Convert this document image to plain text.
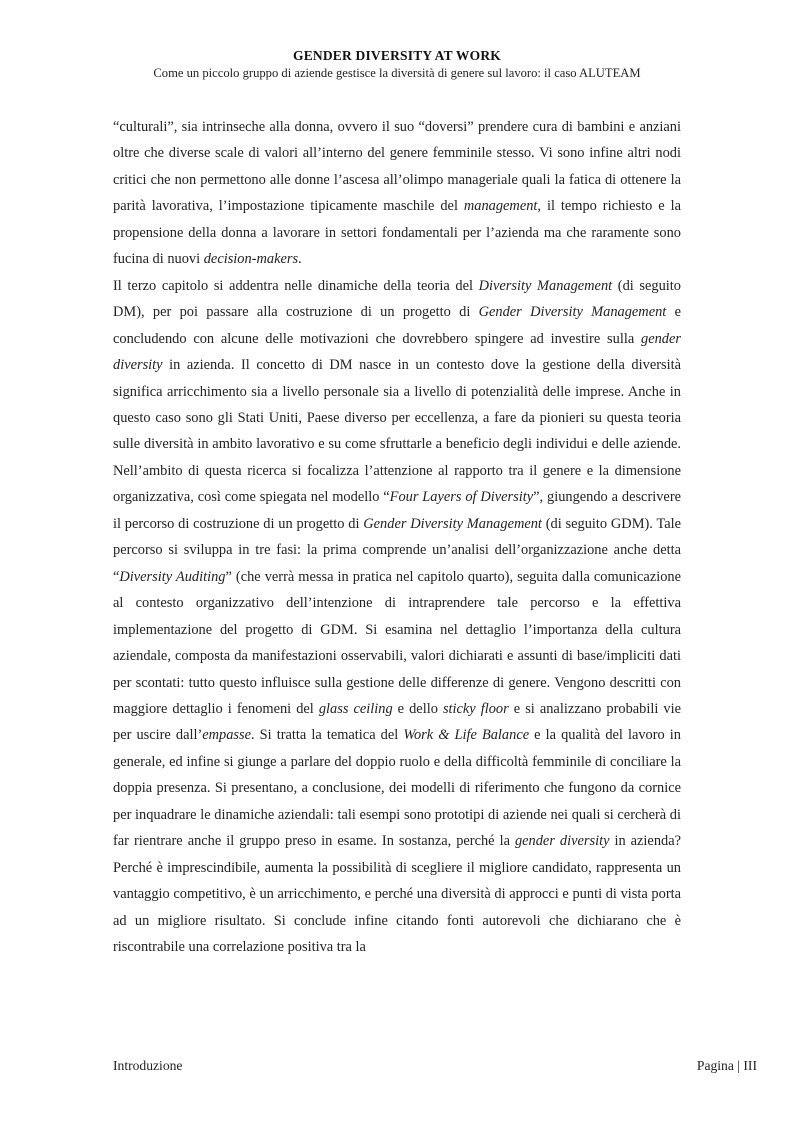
GENDER DIVERSITY AT WORK
Come un piccolo gruppo di aziende gestisce la diversità di genere sul lavoro: il caso ALUTEAM

“culturali”, sia intrinseche alla donna, ovvero il suo “doversi” prendere cura di bambini e anziani oltre che diverse scale di valori all’interno del genere femminile stesso. Vi sono infine altri nodi critici che non permettono alle donne l’ascesa all’olimpo manageriale quali la fatica di ottenere la parità lavorativa, l’impostazione tipicamente maschile del management, il tempo richiesto e la propensione della donna a lavorare in settori fondamentali per l’azienda ma che raramente sono fucina di nuovi decision-makers.

Il terzo capitolo si addentra nelle dinamiche della teoria del Diversity Management (di seguito DM), per poi passare alla costruzione di un progetto di Gender Diversity Management e concludendo con alcune delle motivazioni che dovrebbero spingere ad investire sulla gender diversity in azienda. Il concetto di DM nasce in un contesto dove la gestione della diversità significa arricchimento sia a livello personale sia a livello di potenzialità delle imprese. Anche in questo caso sono gli Stati Uniti, Paese diverso per eccellenza, a fare da pionieri su questa teoria sulle diversità in ambito lavorativo e su come sfruttarle a beneficio degli individui e delle aziende. Nell’ambito di questa ricerca si focalizza l’attenzione al rapporto tra il genere e la dimensione organizzativa, così come spiegata nel modello “Four Layers of Diversity”, giungendo a descrivere il percorso di costruzione di un progetto di Gender Diversity Management (di seguito GDM). Tale percorso si sviluppa in tre fasi: la prima comprende un’analisi dell’organizzazione anche detta “Diversity Auditing” (che verrà messa in pratica nel capitolo quarto), seguita dalla comunicazione al contesto organizzativo dell’intenzione di intraprendere tale percorso e la effettiva implementazione del progetto di GDM. Si esamina nel dettaglio l’importanza della cultura aziendale, composta da manifestazioni osservabili, valori dichiarati e assunti di base/impliciti dati per scontati: tutto questo influisce sulla gestione delle differenze di genere. Vengono descritti con maggiore dettaglio i fenomeni del glass ceiling e dello sticky floor e si analizzano probabili vie per uscire dall’empasse. Si tratta la tematica del Work & Life Balance e la qualità del lavoro in generale, ed infine si giunge a parlare del doppio ruolo e della difficoltà femminile di conciliare la doppia presenza. Si presentano, a conclusione, dei modelli di riferimento che fungono da cornice per inquadrare le dinamiche aziendali: tali esempi sono prototipi di aziende nei quali si cercherà di far rientrare anche il gruppo preso in esame. In sostanza, perché la gender diversity in azienda? Perché è imprescindibile, aumenta la possibilità di scegliere il migliore candidato, rappresenta un vantaggio competitivo, è un arricchimento, e perché una diversità di approcci e punti di vista porta ad un migliore risultato. Si conclude infine citando fonti autorevoli che dichiarano che è riscontrabile una correlazione positiva tra la

Introduzione	Pagina | III
